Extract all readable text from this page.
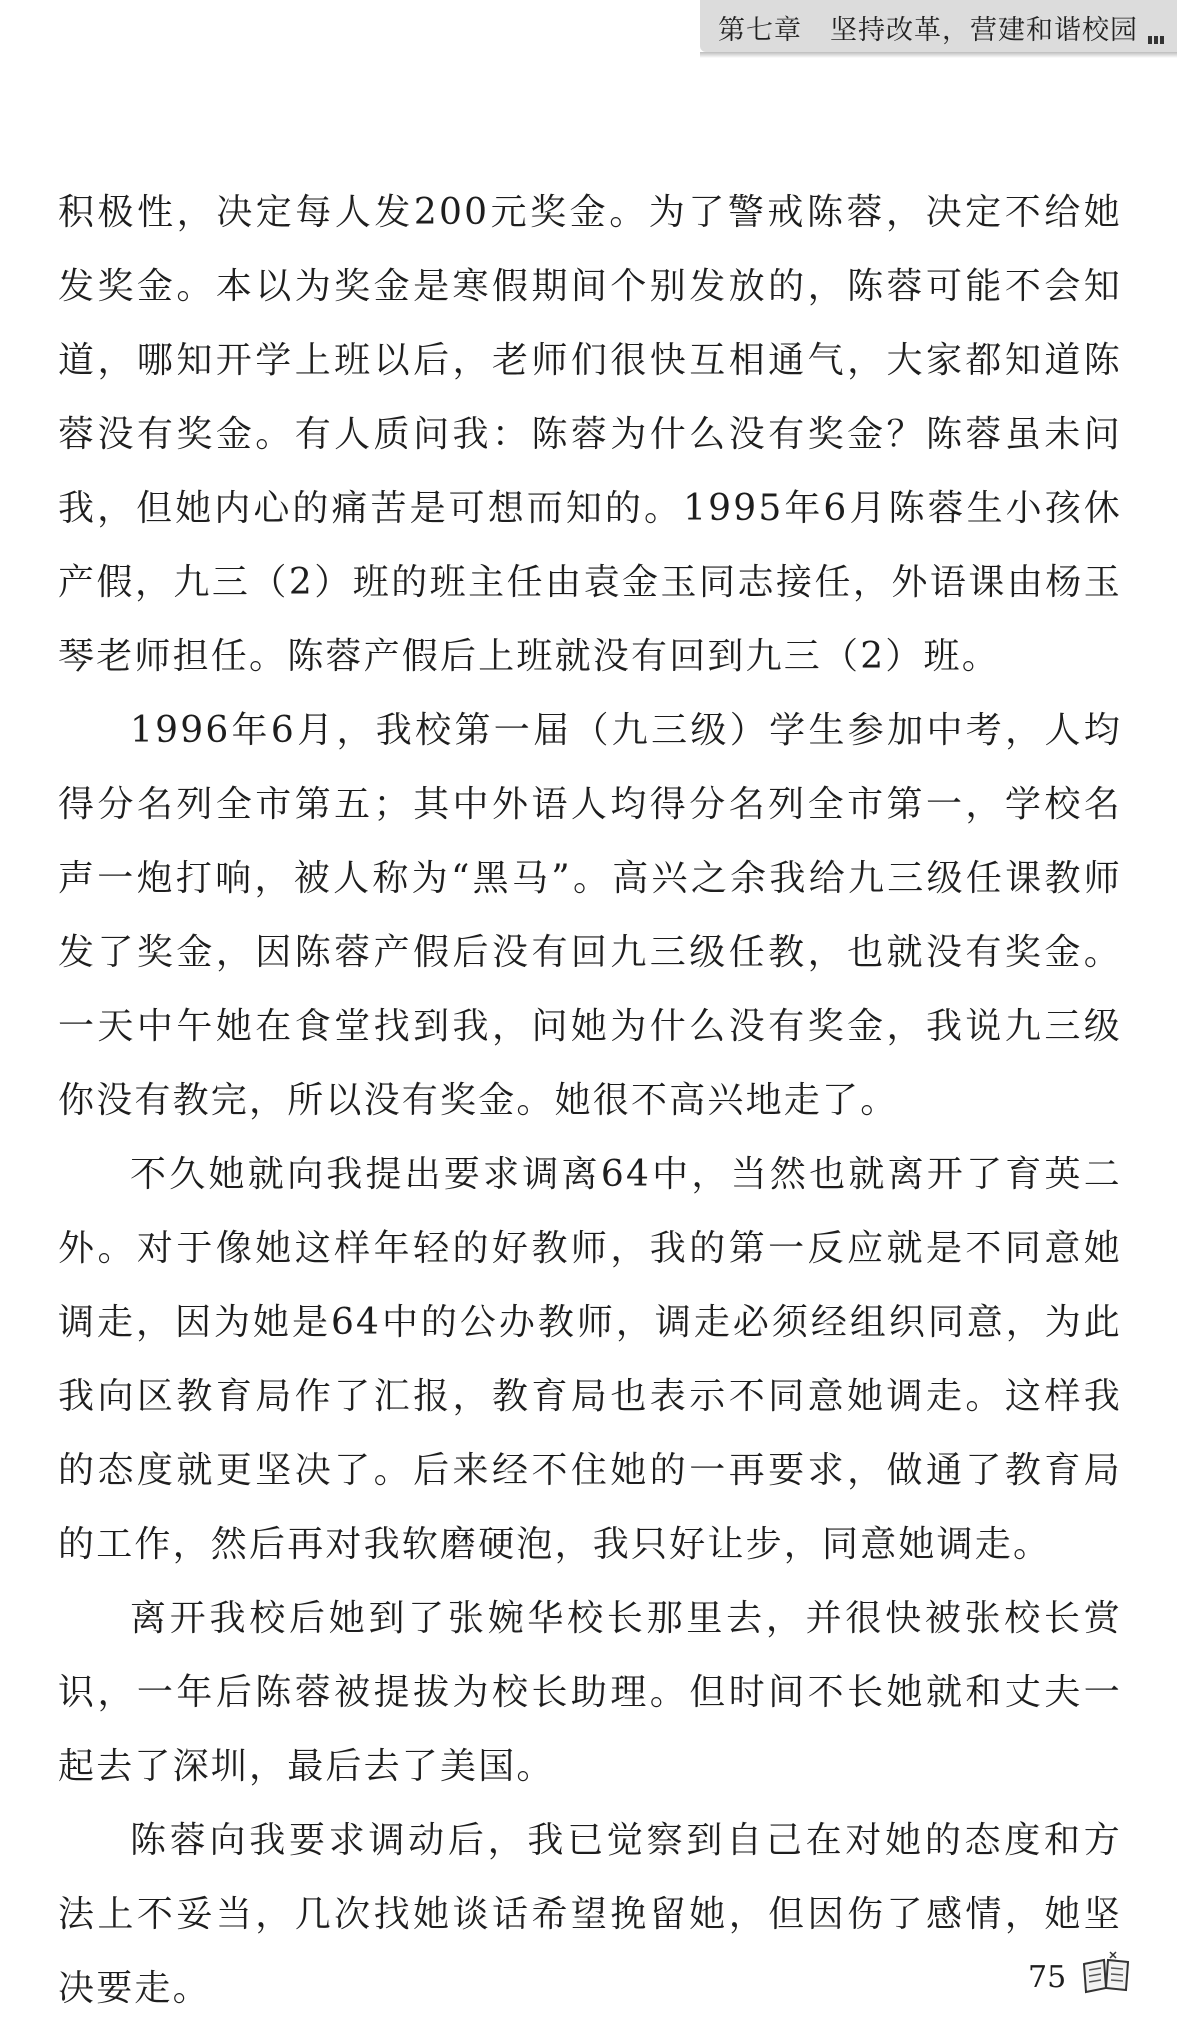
第七章　坚持改革，营建和谐校园

积极性，决定每人发200元奖金。为了警戒陈蓉，决定不给她发奖金。本以为奖金是寒假期间个别发放的，陈蓉可能不会知道，哪知开学上班以后，老师们很快互相通气，大家都知道陈蓉没有奖金。有人质问我：陈蓉为什么没有奖金？陈蓉虽未问我，但她内心的痛苦是可想而知的。1995年6月陈蓉生小孩休产假，九三（2）班的班主任由袁金玉同志接任，外语课由杨玉琴老师担任。陈蓉产假后上班就没有回到九三（2）班。

1996年6月，我校第一届（九三级）学生参加中考，人均得分名列全市第五；其中外语人均得分名列全市第一，学校名声一炮打响，被人称为“黑马”。高兴之余我给九三级任课教师发了奖金，因陈蓉产假后没有回九三级任教，也就没有奖金。一天中午她在食堂找到我，问她为什么没有奖金，我说九三级你没有教完，所以没有奖金。她很不高兴地走了。

不久她就向我提出要求调离64中，当然也就离开了育英二外。对于像她这样年轻的好教师，我的第一反应就是不同意她调走，因为她是64中的公办教师，调走必须经组织同意，为此我向区教育局作了汇报，教育局也表示不同意她调走。这样我的态度就更坚决了。后来经不住她的一再要求，做通了教育局的工作，然后再对我软磨硬泡，我只好让步，同意她调走。

离开我校后她到了张婉华校长那里去，并很快被张校长赏识，一年后陈蓉被提拔为校长助理。但时间不长她就和丈夫一起去了深圳，最后去了美国。

陈蓉向我要求调动后，我已觉察到自己在对她的态度和方法上不妥当，几次找她谈话希望挽留她，但因伤了感情，她坚决要走。	75
